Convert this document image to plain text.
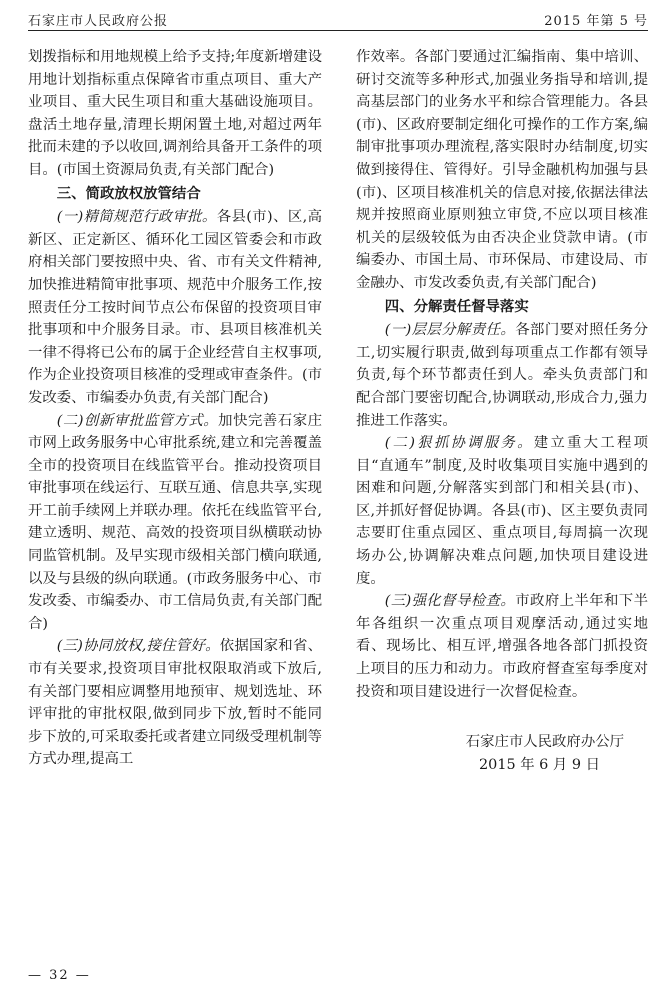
石家庄市人民政府公报	2015 年第 5 号

划拨指标和用地规模上给予支持;年度新增建设用地计划指标重点保障省市重点项目、重大产业项目、重大民生项目和重大基础设施项目。盘活土地存量,清理长期闲置土地,对超过两年批而未建的予以收回,调剂给具备开工条件的项目。(市国土资源局负责,有关部门配合)

三、简政放权放管结合

(一)精简规范行政审批。各县(市)、区,高新区、正定新区、循环化工园区管委会和市政府相关部门要按照中央、省、市有关文件精神,加快推进精简审批事项、规范中介服务工作,按照责任分工按时间节点公布保留的投资项目审批事项和中介服务目录。市、县项目核准机关一律不得将已公布的属于企业经营自主权事项,作为企业投资项目核准的受理或审查条件。(市发改委、市编委办负责,有关部门配合)

(二)创新审批监管方式。加快完善石家庄市网上政务服务中心审批系统,建立和完善覆盖全市的投资项目在线监管平台。推动投资项目审批事项在线运行、互联互通、信息共享,实现开工前手续网上并联办理。依托在线监管平台,建立透明、规范、高效的投资项目纵横联动协同监管机制。及早实现市级相关部门横向联通,以及与县级的纵向联通。(市政务服务中心、市发改委、市编委办、市工信局负责,有关部门配合)

(三)协同放权,接住管好。依据国家和省、市有关要求,投资项目审批权限取消或下放后,有关部门要相应调整用地预审、规划选址、环评审批的审批权限,做到同步下放,暂时不能同步下放的,可采取委托或者建立同级受理机制等方式办理,提高工

作效率。各部门要通过汇编指南、集中培训、研讨交流等多种形式,加强业务指导和培训,提高基层部门的业务水平和综合管理能力。各县(市)、区政府要制定细化可操作的工作方案,编制审批事项办理流程,落实限时办结制度,切实做到接得住、管得好。引导金融机构加强与县(市)、区项目核准机关的信息对接,依据法律法规并按照商业原则独立审贷,不应以项目核准机关的层级较低为由否决企业贷款申请。(市编委办、市国土局、市环保局、市建设局、市金融办、市发改委负责,有关部门配合)

四、分解责任督导落实

(一)层层分解责任。各部门要对照任务分工,切实履行职责,做到每项重点工作都有领导负责,每个环节都责任到人。牵头负责部门和配合部门要密切配合,协调联动,形成合力,强力推进工作落实。

(二)狠抓协调服务。建立重大工程项目“直通车”制度,及时收集项目实施中遇到的困难和问题,分解落实到部门和相关县(市)、区,并抓好督促协调。各县(市)、区主要负责同志要盯住重点园区、重点项目,每周搞一次现场办公,协调解决难点问题,加快项目建设进度。

(三)强化督导检查。市政府上半年和下半年各组织一次重点项目观摩活动,通过实地看、现场比、相互评,增强各地各部门抓投资上项目的压力和动力。市政府督查室每季度对投资和项目建设进行一次督促检查。

石家庄市人民政府办公厅

2015 年 6 月 9 日

— 32 —
